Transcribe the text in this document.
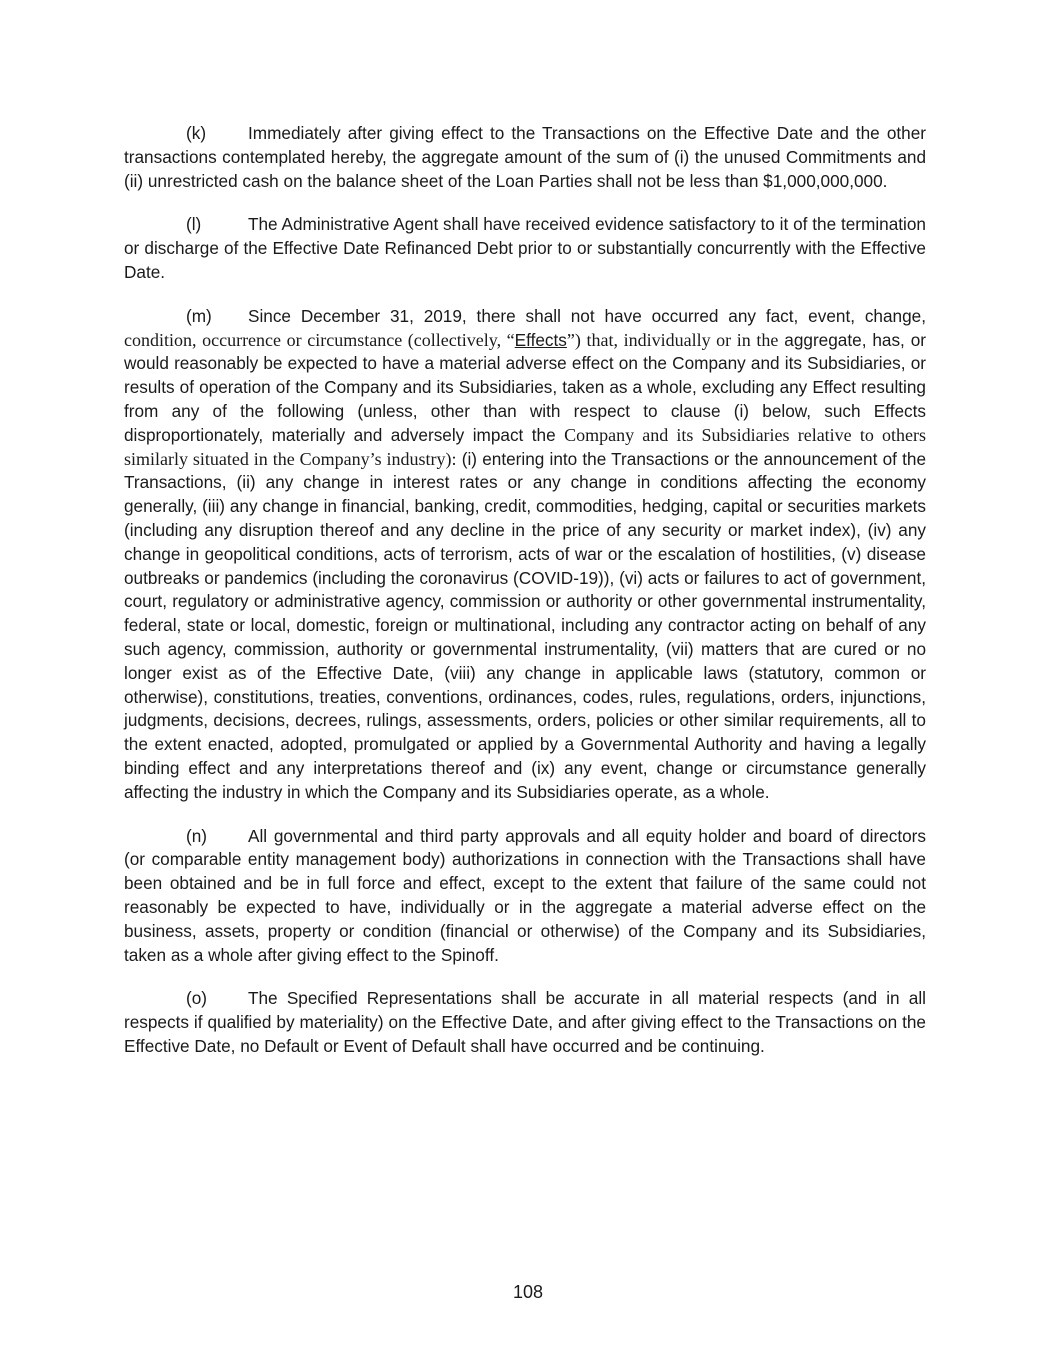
(k) Immediately after giving effect to the Transactions on the Effective Date and the other transactions contemplated hereby, the aggregate amount of the sum of (i) the unused Commitments and (ii) unrestricted cash on the balance sheet of the Loan Parties shall not be less than $1,000,000,000.

(l)	The Administrative Agent shall have received evidence satisfactory to it of the termination or discharge of the Effective Date Refinanced Debt prior to or substantially concurrently with the Effective Date.

(m) Since December 31, 2019, there shall not have occurred any fact, event, change, condition, occurrence or circumstance (collectively, “Effects”) that, individually or in the aggregate, has, or would reasonably be expected to have a material adverse effect on the Company and its Subsidiaries, or results of operation of the Company and its Subsidiaries, taken as a whole, excluding any Effect resulting from any of the following (unless, other than with respect to clause (i) below, such Effects disproportionately, materially and adversely impact the Company and its Subsidiaries relative to others similarly situated in the Company’s industry): (i) entering into the Transactions or the announcement of the Transactions, (ii) any change in interest rates or any change in conditions affecting the economy generally, (iii) any change in financial, banking, credit, commodities, hedging, capital or securities markets (including any disruption thereof and any decline in the price of any security or market index), (iv) any change in geopolitical conditions, acts of terrorism, acts of war or the escalation of hostilities, (v) disease outbreaks or pandemics (including the coronavirus (COVID-19)), (vi) acts or failures to act of government, court, regulatory or administrative agency, commission or authority or other governmental instrumentality, federal, state or local, domestic, foreign or multinational, including any contractor acting on behalf of any such agency, commission, authority or governmental instrumentality, (vii) matters that are cured or no longer exist as of the Effective Date, (viii) any change in applicable laws (statutory, common or otherwise), constitutions, treaties, conventions, ordinances, codes, rules, regulations, orders, injunctions, judgments, decisions, decrees, rulings, assessments, orders, policies or other similar requirements, all to the extent enacted, adopted, promulgated or applied by a Governmental Authority and having a legally binding effect and any interpretations thereof and (ix) any event, change or circumstance generally affecting the industry in which the Company and its Subsidiaries operate, as a whole.

(n) All governmental and third party approvals and all equity holder and board of directors (or comparable entity management body) authorizations in connection with the Transactions shall have been obtained and be in full force and effect, except to the extent that failure of the same could not reasonably be expected to have, individually or in the aggregate a material adverse effect on the business, assets, property or condition (financial or otherwise) of the Company and its Subsidiaries, taken as a whole after giving effect to the Spinoff.

(o) The Specified Representations shall be accurate in all material respects (and in all respects if qualified by materiality) on the Effective Date, and after giving effect to the Transactions on the Effective Date, no Default or Event of Default shall have occurred and be continuing.

108
